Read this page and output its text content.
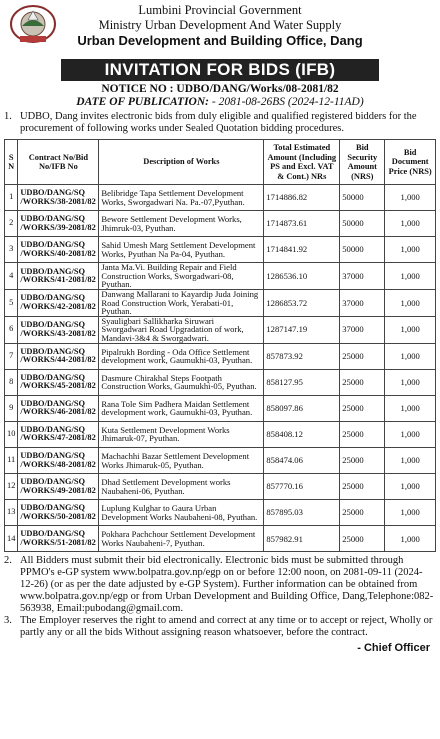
Lumbini Provincial Government
Ministry Urban Development And Water Supply
Urban Development and Building Office, Dang
INVITATION FOR BIDS (IFB)
NOTICE NO : UDBO/DANG/Works/08-2081/82
DATE OF PUBLICATION: - 2081-08-26BS (2024-12-11AD)
1. UDBO, Dang invites electronic bids from duly eligible and qualified registered bidders for the procurement of following works under Sealed Quotation bidding procedures.
S N	Contract No/Bid No/IFB No	Description of Works	Total Estimated Amount (Including PS and Excl. VAT & Cont.) NRs	Bid Security Amount (NRS)	Bid Document Price (NRS)
1	UDBO/DANG/SQ /WORKS/38-2081/82	Belibridge Tapa Settlement Development Works, Sworgadwari Na. Pa.-07,Pyuthan.	1714886.82	50000	1,000
2	UDBO/DANG/SQ /WORKS/39-2081/82	Bewore Settlement Development Works, Jhimruk-03, Pyuthan.	1714873.61	50000	1,000
3	UDBO/DANG/SQ /WORKS/40-2081/82	Sahid Umesh Marg Settlement Development Works, Pyuthan Na Pa-04, Pyuthan.	1714841.92	50000	1,000
4	UDBO/DANG/SQ /WORKS/41-2081/82	Janta Ma.Vi. Building Repair and Field Construction Works, Sworgadwari-08, Pyuthan.	1286536.10	37000	1,000
5	UDBO/DANG/SQ /WORKS/42-2081/82	Danwang Mallarani to Kayardip Juda Joining Road Construction Work, Yerabati-01, Pyuthan.	1286853.72	37000	1,000
6	UDBO/DANG/SQ /WORKS/43-2081/82	Syauligbari Sallikharka Siruwari Sworgadwari Road Upgradation of work, Mandavi-3&4 & Sworgadwari.	1287147.19	37000	1,000
7	UDBO/DANG/SQ /WORKS/44-2081/82	Pipalrukh Bording - Oda Office Settlement development work, Gaumukhi-03, Pyuthan.	857873.92	25000	1,000
8	UDBO/DANG/SQ /WORKS/45-2081/82	Dasmure Chirakhal Steps Footpath Construction Works, Gaumukhi-05, Pyuthan.	858127.95	25000	1,000
9	UDBO/DANG/SQ /WORKS/46-2081/82	Rana Tole Sim Padhera Maidan Settlement development work, Gaumukhi-03, Pyuthan.	858097.86	25000	1,000
10	UDBO/DANG/SQ /WORKS/47-2081/82	Kuta Settlement Development Works Jhimaruk-07, Pyuthan.	858408.12	25000	1,000
11	UDBO/DANG/SQ /WORKS/48-2081/82	Machachhi Bazar Settlement Development Works Jhimaruk-05, Pyuthan.	858474.06	25000	1,000
12	UDBO/DANG/SQ /WORKS/49-2081/82	Dhad Settlement Development works Naubaheni-06, Pyuthan.	857770.16	25000	1,000
13	UDBO/DANG/SQ /WORKS/50-2081/82	Luplung Kulghar to Gaura Urban Development Works Naubaheni-08, Pyuthan.	857895.03	25000	1,000
14	UDBO/DANG/SQ /WORKS/51-2081/82	Pokhara Pachchour Settlement Development Works Naubaheni-7, Pyuthan.	857982.91	25000	1,000
2. All Bidders must submit their bid electronically. Electronic bids must be submitted through PPMO's e-GP system www.bolpatra.gov.np/egp on or before 12:00 noon, on 2081-09-11 (2024-12-26) (or as per the date adjusted by e-GP System). Further information can be obtained from www.bolpatra.gov.np/egp or from Urban Development and Building Office, Dang,Telephone:082-563938, Email:pubodang@gmail.com.
3. The Employer reserves the right to amend and correct at any time or to accept or reject, Wholly or partly any or all the bids Without assigning reason whatsoever, before the contract.
- Chief Officer
